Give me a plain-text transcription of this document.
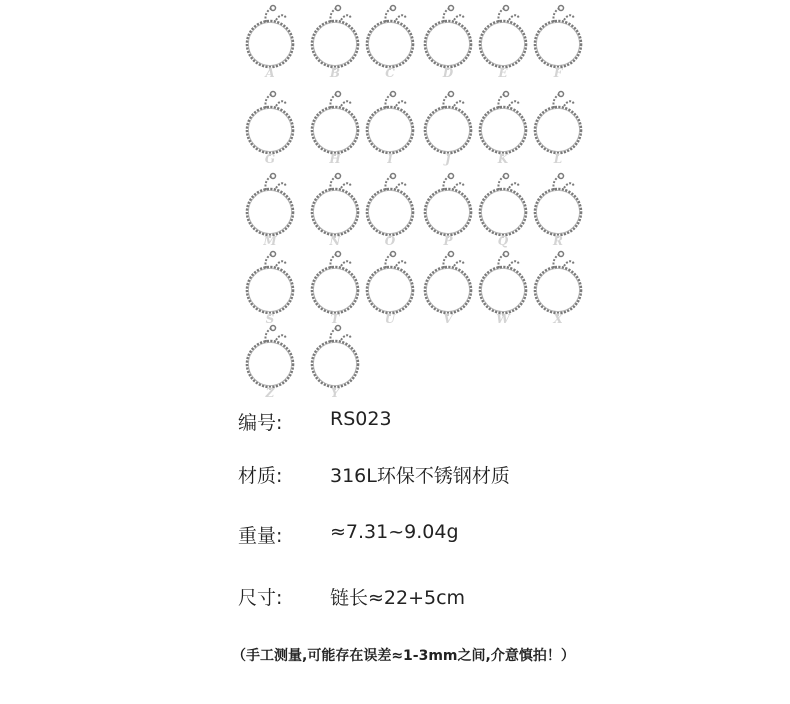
A	B	C	D	E	F
G	H	I	J	K	L
M	N	O	P	Q	R
S	T	U	V	W	X
Z	Y
编号:	RS023
材质:	316L环保不锈钢材质
重量:	≈7.31~9.04g
尺寸:	链长≈22+5cm
（手工测量,可能存在误差≈1-3mm之间,介意慎拍！）
